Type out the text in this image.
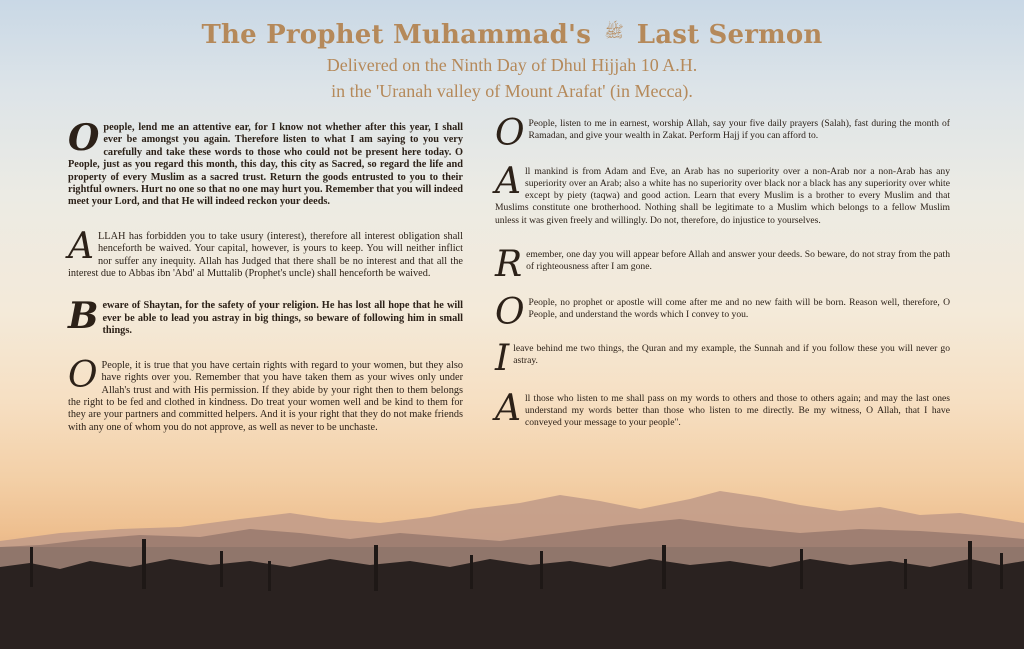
The Prophet Muhammad's $^ﷺ$ Last Sermon
Delivered on the Ninth Day of Dhul Hijjah 10 A.H.
in the 'Uranah valley of Mount Arafat' (in Mecca).

Opeople, lend me an attentive ear, for I know not whether after this year, I shall ever be amongst you again. Therefore listen to what I am saying to you very carefully and take these words to those who could not be present here today. O People, just as you regard this month, this day, this city as Sacred, so regard the life and property of every Muslim as a sacred trust. Return the goods entrusted to you to their rightful owners. Hurt no one so that no one may hurt you. Remember that you will indeed meet your Lord, and that He will indeed reckon your deeds.

ALLAH has forbidden you to take usury (interest), therefore all interest obligation shall henceforth be waived. Your capital, however, is yours to keep. You will neither inflict nor suffer any inequity. Allah has Judged that there shall be no interest and that all the interest due to Abbas ibn 'Abd' al Muttalib (Prophet's uncle) shall henceforth be waived.

Beware of Shaytan, for the safety of your religion. He has lost all hope that he will ever be able to lead you astray in big things, so beware of following him in small things.

O People, it is true that you have certain rights with regard to your women, but they also have rights over you. Remember that you have taken them as your wives only under Allah's trust and with His permission. If they abide by your right then to them belongs the right to be fed and clothed in kindness. Do treat your women well and be kind to them for they are your partners and committed helpers. And it is your right that they do not make friends with any one of whom you do not approve, as well as never to be unchaste.

O People, listen to me in earnest, worship Allah, say your five daily prayers (Salah), fast during the month of Ramadan, and give your wealth in Zakat. Perform Hajj if you can afford to.

All mankind is from Adam and Eve, an Arab has no superiority over a non-Arab nor a non-Arab has any superiority over an Arab; also a white has no superiority over black nor a black has any superiority over white except by piety (taqwa) and good action. Learn that every Muslim is a brother to every Muslim and that Muslims constitute one brotherhood. Nothing shall be legitimate to a Muslim which belongs to a fellow Muslim unless it was given freely and willingly. Do not, therefore, do injustice to yourselves.

Remember, one day you will appear before Allah and answer your deeds. So beware, do not stray from the path of righteousness after I am gone.

O People, no prophet or apostle will come after me and no new faith will be born. Reason well, therefore, O People, and understand the words which I convey to you.

Ileave behind me two things, the Quran and my example, the Sunnah and if you follow these you will never go astray.

All those who listen to me shall pass on my words to others and those to others again; and may the last ones understand my words better than those who listen to me directly. Be my witness, O Allah, that I have conveyed your message to your people".
